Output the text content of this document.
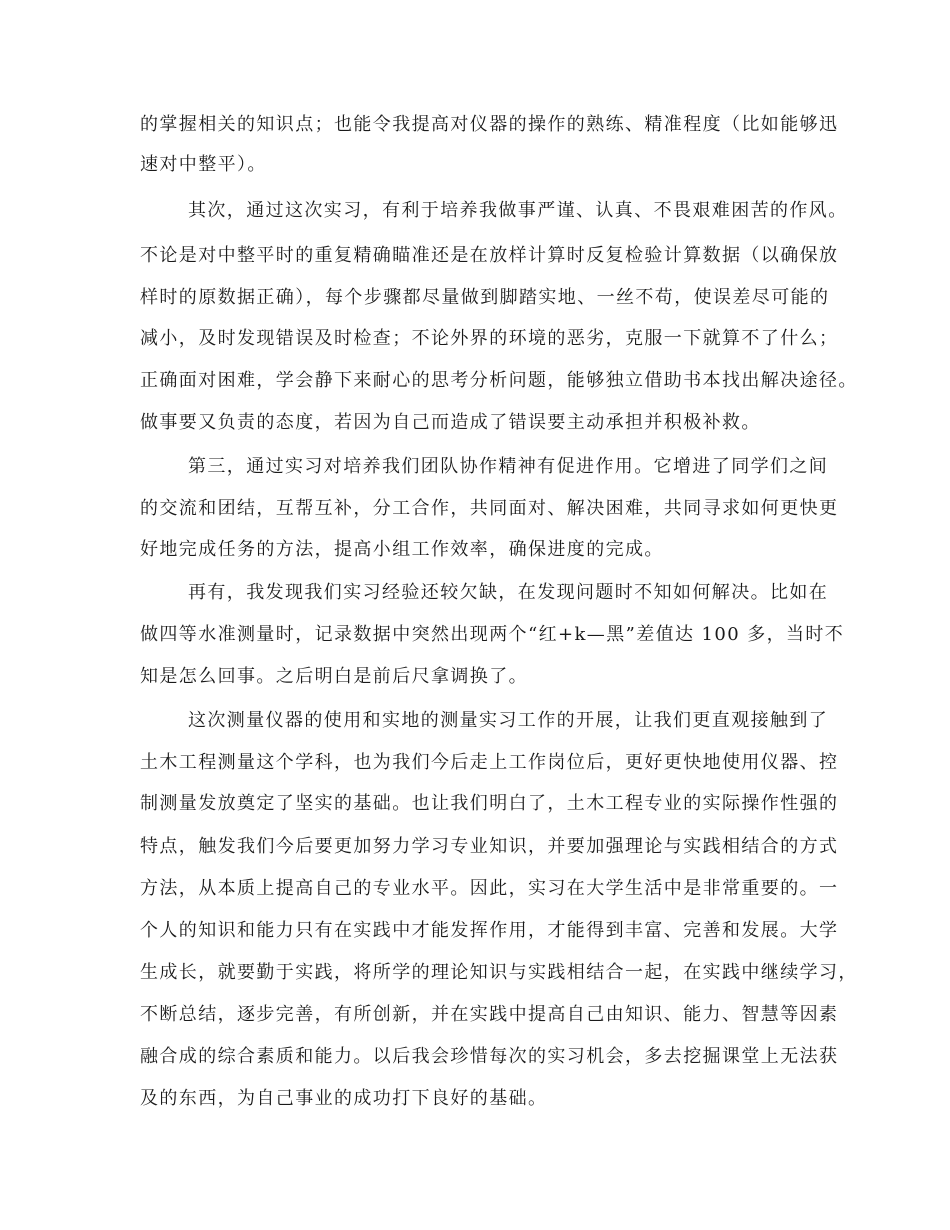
的掌握相关的知识点；也能令我提高对仪器的操作的熟练、精准程度（比如能够迅
速对中整平）。
其次，通过这次实习，有利于培养我做事严谨、认真、不畏艰难困苦的作风。
不论是对中整平时的重复精确瞄准还是在放样计算时反复检验计算数据（以确保放
样时的原数据正确），每个步骤都尽量做到脚踏实地、一丝不苟，使误差尽可能的
减小，及时发现错误及时检查；不论外界的环境的恶劣，克服一下就算不了什么；
正确面对困难，学会静下来耐心的思考分析问题，能够独立借助书本找出解决途径。
做事要又负责的态度，若因为自己而造成了错误要主动承担并积极补救。
第三，通过实习对培养我们团队协作精神有促进作用。它增进了同学们之间
的交流和团结，互帮互补，分工合作，共同面对、解决困难，共同寻求如何更快更
好地完成任务的方法，提高小组工作效率，确保进度的完成。
再有，我发现我们实习经验还较欠缺，在发现问题时不知如何解决。比如在
做四等水准测量时，记录数据中突然出现两个“红+k—黑”差值达 100 多，当时不
知是怎么回事。之后明白是前后尺拿调换了。
这次测量仪器的使用和实地的测量实习工作的开展，让我们更直观接触到了
土木工程测量这个学科，也为我们今后走上工作岗位后，更好更快地使用仪器、控
制测量发放奠定了坚实的基础。也让我们明白了，土木工程专业的实际操作性强的
特点，触发我们今后要更加努力学习专业知识，并要加强理论与实践相结合的方式
方法，从本质上提高自己的专业水平。因此，实习在大学生活中是非常重要的。一
个人的知识和能力只有在实践中才能发挥作用，才能得到丰富、完善和发展。大学
生成长，就要勤于实践，将所学的理论知识与实践相结合一起，在实践中继续学习，
不断总结，逐步完善，有所创新，并在实践中提高自己由知识、能力、智慧等因素
融合成的综合素质和能力。以后我会珍惜每次的实习机会，多去挖掘课堂上无法获
及的东西，为自己事业的成功打下良好的基础。
